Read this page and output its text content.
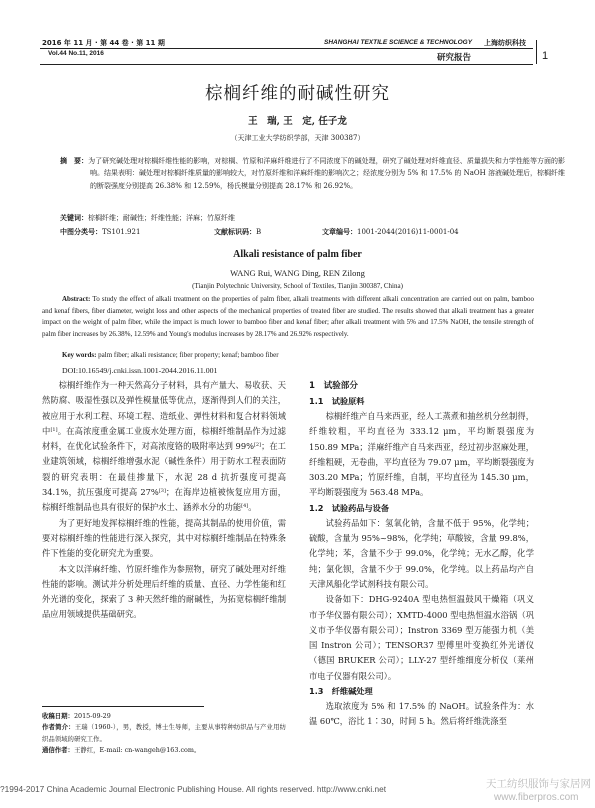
2016 年 11 月 · 第 44 卷 · 第 11 期
Vol.44 No.11, 2016
SHANGHAI TEXTILE SCIENCE & TECHNOLOGY 上海纺织科技
研究报告	1
棕榈纤维的耐碱性研究
王　瑞, 王　定, 任子龙
（天津工业大学纺织学部，天津 300387）
摘　要：为了研究碱处理对棕榈纤维性能的影响，对棕榈、竹原和洋麻纤维进行了不同浓度下的碱处理，研究了碱处理对纤维直径、质量损失和力学性能等方面的影响。结果表明：碱处理对棕榈纤维质量的影响较大，对竹原纤维和洋麻纤维的影响次之；经浓度分别为 5% 和 17.5% 的 NaOH 溶液碱处理后，棕榈纤维的断裂强度分别提高 26.38% 和 12.59%，杨氏模量分别提高 28.17% 和 26.92%。
关键词：棕榈纤维；耐碱性；纤维性能；洋麻；竹原纤维
中图分类号：TS101.921	文献标识码：B	文章编号：1001-2044(2016)11-0001-04
Alkali resistance of palm fiber
WANG Rui, WANG Ding, REN Zilong
(Tianjin Polytechnic University, School of Textiles, Tianjin 300387, China)
Abstract: To study the effect of alkali treatment on the properties of palm fiber, alkali treatments with different alkali concentration are carried out on palm, bamboo and kenaf fibers, fiber diameter, weight loss and other aspects of the mechanical properties of treated fiber are studied. The results showed that alkali treatment has a greater impact on the weight of palm fiber, while the impact is much lower to bamboo fiber and kenaf fiber; after alkali treatment with 5% and 17.5% NaOH, the tensile strength of palm fiber increases by 26.38%, 12.59% and Young's modulus increases by 28.17% and 26.92% respectively.
Key words: palm fiber; alkali resistance; fiber property; kenaf; bamboo fiber
DOI:10.16549/j.cnki.issn.1001-2044.2016.11.001

棕榈纤维作为一种天然高分子材料，具有产量大、易收获、天然防腐、吸湿性强以及弹性模量低等优点，逐渐得到人们的关注，被应用于水利工程、环境工程、造纸业、弹性材料和复合材料领域中[1]。在高浓度重金属工业废水处理方面，棕榈纤维制品作为过滤材料，在优化试验条件下，对高浓度铬的吸附率达到 99%[2]；在工业建筑领域，棕榈纤维增强水泥（碱性条件）用于防水工程表面防裂的研究表明：在最佳掺量下，水泥 28 d 抗折强度可提高 34.1%，抗压强度可提高 27%[3]；在海岸边植被恢复应用方面，棕榈纤维制品也具有很好的保护水土、涵养水分的功能[4]。

为了更好地发挥棕榈纤维的性能，提高其制品的使用价值，需要对棕榈纤维的性能进行深入探究，其中对棕榈纤维制品在特殊条件下性能的变化研究尤为重要。

本文以洋麻纤维、竹原纤维作为参照物，研究了碱处理对纤维性能的影响。测试并分析处理后纤维的质量、直径、力学性能和红外光谱的变化，探索了 3 种天然纤维的耐碱性，为拓宽棕榈纤维制品应用领域提供基础研究。

收稿日期：2015-09-29

作者简介：王瑞（1960-），男，教授，博士生导师，主要从事特种纺织品与产业用纺织品领域的研究工作。

通信作者：王静红，E-mail: cn-wangeh@163.com。

1　试验部分

1.1　试验原料

棕榈纤维产自马来西亚，经人工蒸煮和抽丝机分丝制得，纤维较粗，平均直径为 333.12 μm，平均断裂强度为 150.89 MPa；洋麻纤维产自马来西亚，经过初步沤麻处理，纤维粗硬，无卷曲，平均直径为 79.07 μm，平均断裂强度为 303.20 MPa；竹原纤维，自制，平均直径为 145.30 μm，平均断裂强度为 563.48 MPa。

1.2　试验药品与设备

试验药品如下：氢氧化钠，含量不低于 95%，化学纯；硫酸，含量为 95%~98%，化学纯；草酸铵，含量 99.8%，化学纯；苯，含量不少于 99.0%，化学纯；无水乙醇，化学纯；氯化钡，含量不少于 99.0%，化学纯。以上药品均产自天津风船化学试剂科技有限公司。

设备如下：DHG-9240A 型电热恒温鼓风干燥箱（巩义市予华仪器有限公司）；XMTD-4000 型电热恒温水浴锅（巩义市予华仪器有限公司）；Instron 3369 型万能强力机（美国 Instron 公司）；TENSOR37 型傅里叶变换红外光谱仪（德国 BRUKER 公司）；LLY-27 型纤维细度分析仪（莱州市电子仪器有限公司）。

1.3　纤维碱处理

选取浓度为 5% 和 17.5% 的 NaOH。试验条件为：水温 60℃，浴比 1∶30，时间 5 h。然后将纤维洗涤至

?1994-2017 China Academic Journal Electronic Publishing House. All rights reserved. http://www.cnki.net	天工纺织服饰与家居网
www.fiberpros.com
